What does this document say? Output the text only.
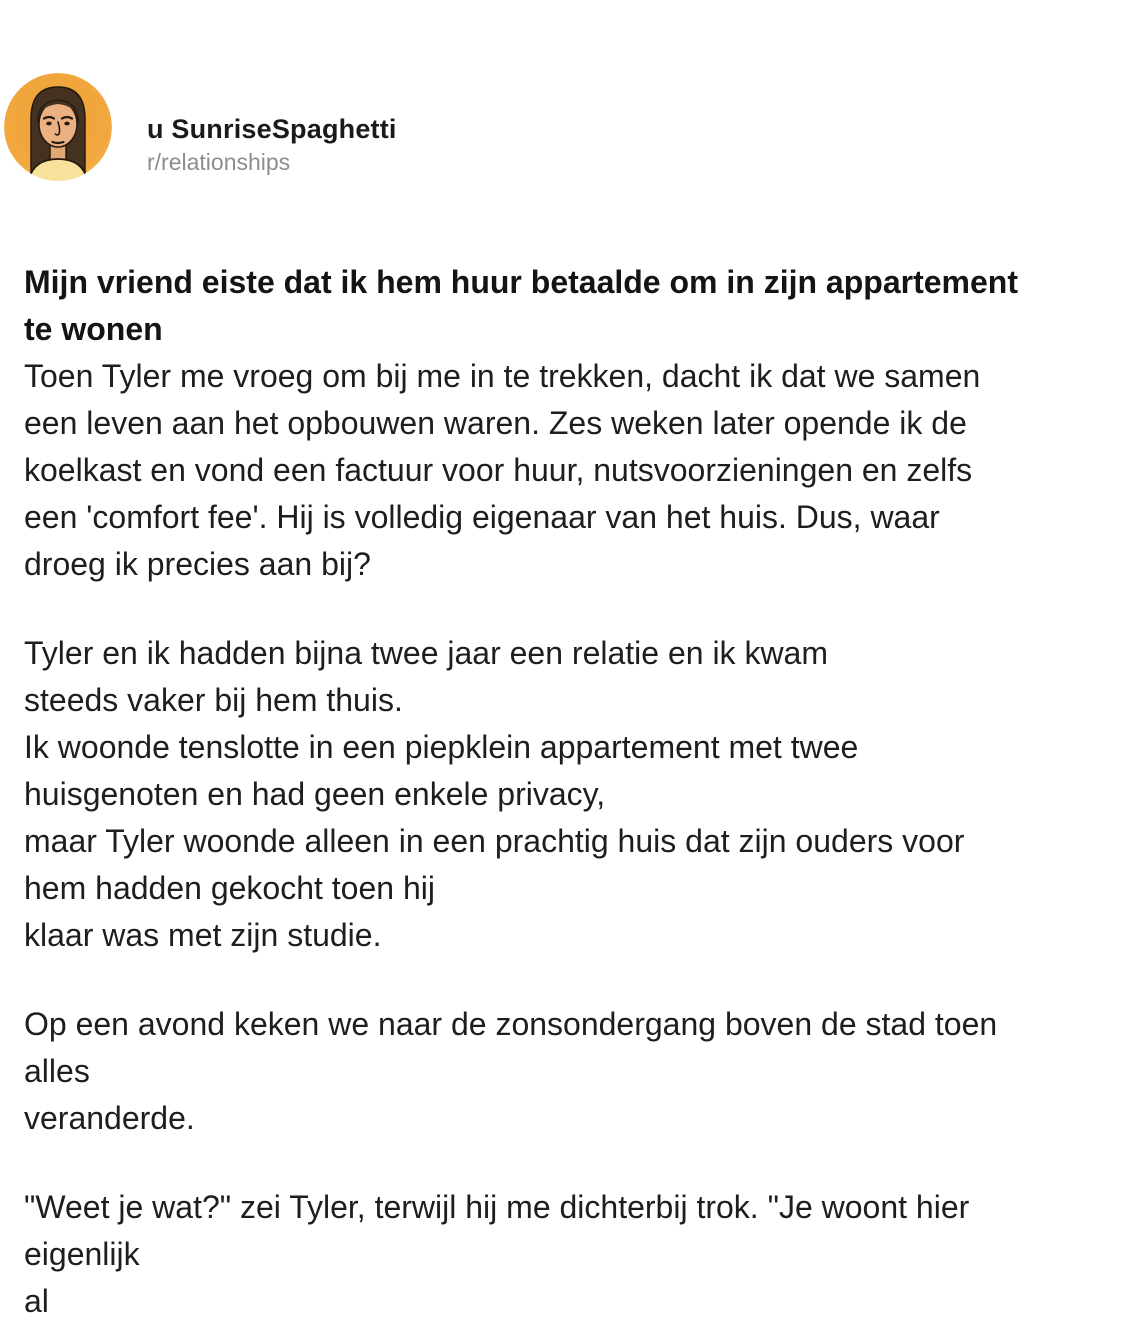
u SunriseSpaghetti
r/relationships
Mijn vriend eiste dat ik hem huur betaalde om in zijn appartement
te wonen
Toen Tyler me vroeg om bij me in te trekken, dacht ik dat we samen
een leven aan het opbouwen waren. Zes weken later opende ik de
koelkast en vond een factuur voor huur, nutsvoorzieningen en zelfs
een 'comfort fee'. Hij is volledig eigenaar van het huis. Dus, waar
droeg ik precies aan bij?
Tyler en ik hadden bijna twee jaar een relatie en ik kwam
steeds vaker bij hem thuis.
Ik woonde tenslotte in een piepklein appartement met twee
huisgenoten en had geen enkele privacy,
maar Tyler woonde alleen in een prachtig huis dat zijn ouders voor
hem hadden gekocht toen hij
klaar was met zijn studie.
Op een avond keken we naar de zonsondergang boven de stad toen
alles
veranderde.
"Weet je wat?" zei Tyler, terwijl hij me dichterbij trok. "Je woont hier
eigenlijk
al
